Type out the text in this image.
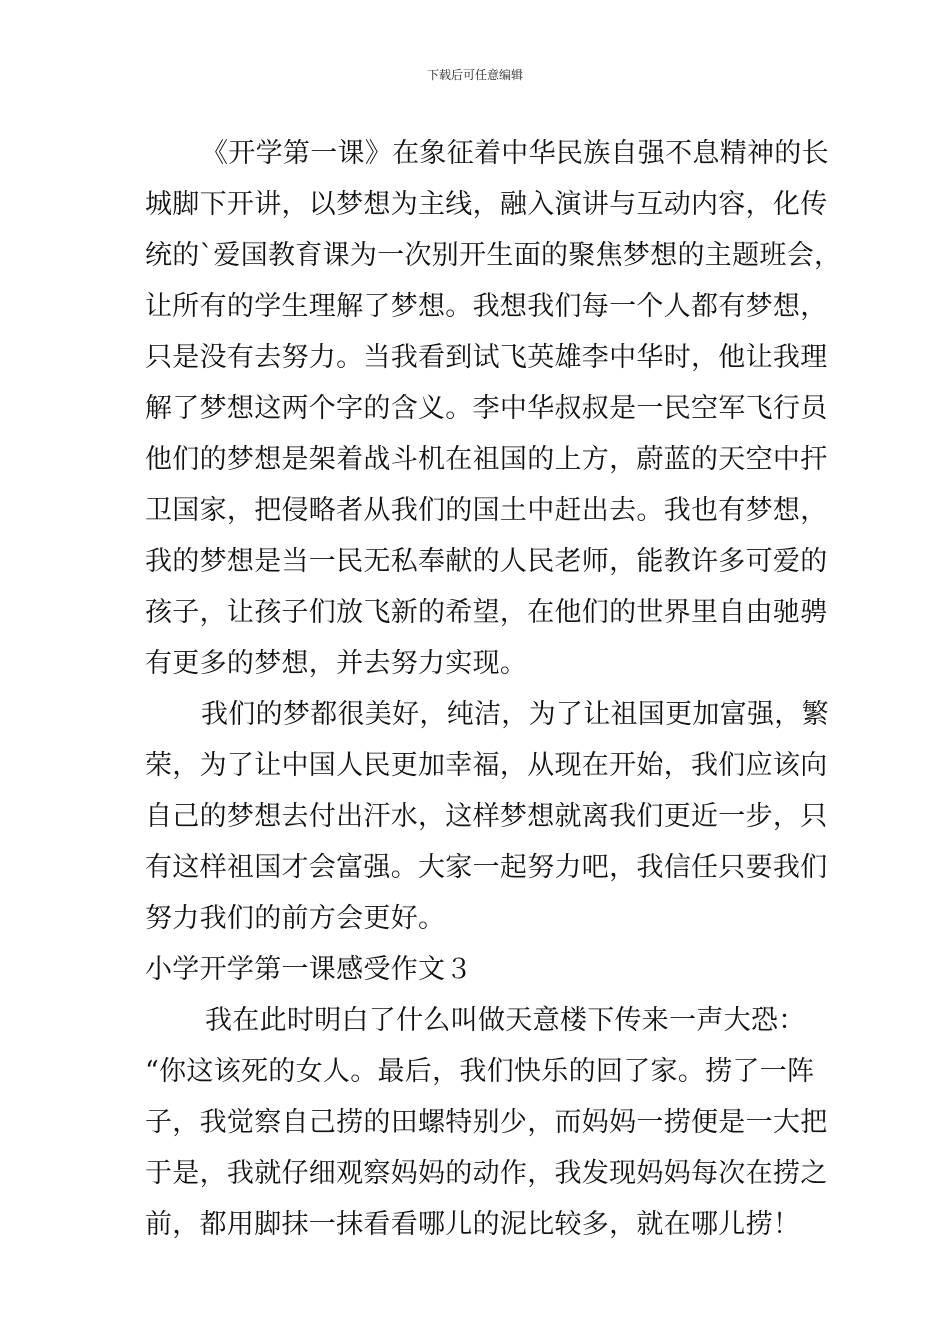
下载后可任意编辑
《开学第一课》在象征着中华民族自强不息精神的长
城脚下开讲，以梦想为主线，融入演讲与互动内容，化传
统的`爱国教育课为一次别开生面的聚焦梦想的主题班会，
让所有的学生理解了梦想。我想我们每一个人都有梦想，
只是没有去努力。当我看到试飞英雄李中华时，他让我理
解了梦想这两个字的含义。李中华叔叔是一民空军飞行员
他们的梦想是架着战斗机在祖国的上方，蔚蓝的天空中扞
卫国家，把侵略者从我们的国土中赶出去。我也有梦想，
我的梦想是当一民无私奉献的人民老师，能教许多可爱的
孩子，让孩子们放飞新的希望，在他们的世界里自由驰骋
有更多的梦想，并去努力实现。
我们的梦都很美好，纯洁，为了让祖国更加富强，繁
荣，为了让中国人民更加幸福，从现在开始，我们应该向
自己的梦想去付出汗水，这样梦想就离我们更近一步，只
有这样祖国才会富强。大家一起努力吧，我信任只要我们
努力我们的前方会更好。
小学开学第一课感受作文３
我在此时明白了什么叫做天意楼下传来一声大恐：
“你这该死的女人。最后，我们快乐的回了家。捞了一阵
子，我觉察自己捞的田螺特别少，而妈妈一捞便是一大把
于是，我就仔细观察妈妈的动作，我发现妈妈每次在捞之
前，都用脚抹一抹看看哪儿的泥比较多，就在哪儿捞！
